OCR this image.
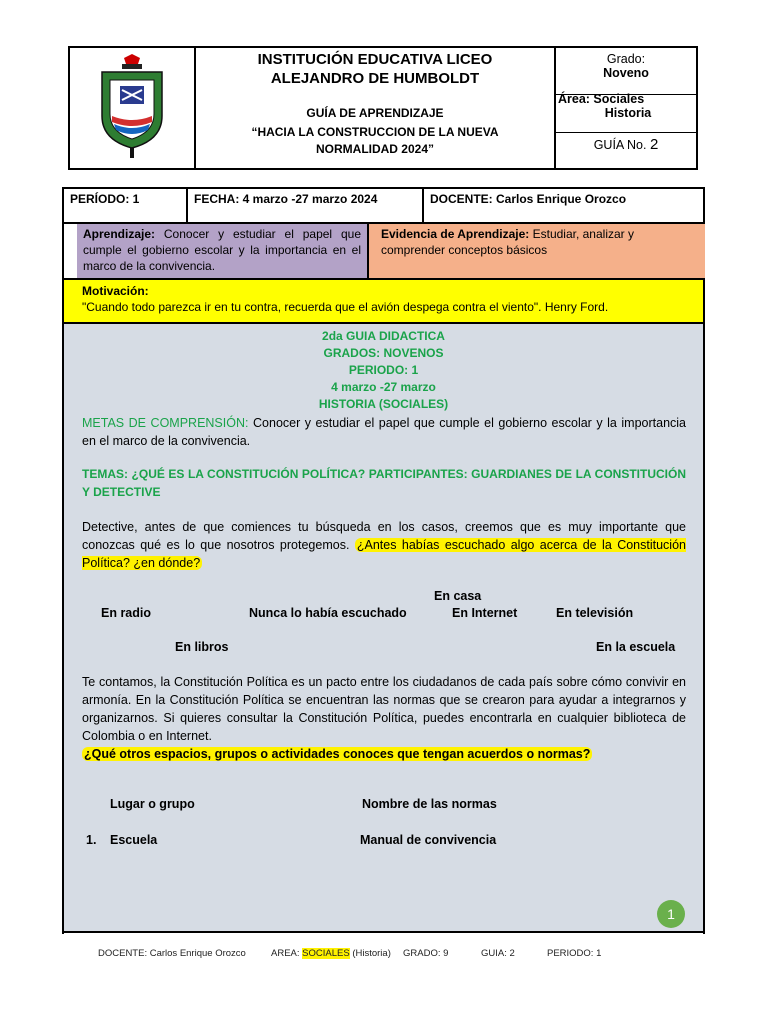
INSTITUCIÓN EDUCATIVA LICEO ALEJANDRO DE HUMBOLDT
GUÍA DE APRENDIZAJE
“HACIA LA CONSTRUCCION DE LA NUEVA NORMALIDAD 2024”
Grado:
Noveno
Área: Sociales
Historia
GUÍA No. 2
PERÍODO: 1	FECHA: 4 marzo -27 marzo 2024	DOCENTE: Carlos Enrique Orozco
Aprendizaje: Conocer y estudiar el papel que cumple el gobierno escolar y la importancia en el marco de la convivencia.
Evidencia de Aprendizaje: Estudiar, analizar y comprender conceptos básicos
Motivación:
"Cuando todo parezca ir en tu contra, recuerda que el avión despega contra el viento". Henry Ford.
2da GUIA DIDACTICA
GRADOS: NOVENOS
PERIODO: 1
4 marzo -27 marzo
HISTORIA (SOCIALES)
METAS DE COMPRENSIÓN: Conocer y estudiar el papel que cumple el gobierno escolar y la importancia en el marco de la convivencia.
TEMAS: ¿QUÉ ES LA CONSTITUCIÓN POLÍTICA? PARTICIPANTES: GUARDIANES DE LA CONSTITUCIÓN Y DETECTIVE
Detective, antes de que comiences tu búsqueda en los casos, creemos que es muy importante que conozcas qué es lo que nosotros protegemos. ¿Antes habías escuchado algo acerca de la Constitución Política? ¿en dónde?
En radio	Nunca lo había escuchado
En casa
En Internet	En televisión
En libros	En la escuela
Te contamos, la Constitución Política es un pacto entre los ciudadanos de cada país sobre cómo convivir en armonía. En la Constitución Política se encuentran las normas que se crearon para ayudar a integrarnos y organizarnos. Si quieres consultar la Constitución Política, puedes encontrarla en cualquier biblioteca de Colombia o en Internet.
¿Qué otros espacios, grupos o actividades conoces que tengan acuerdos o normas?
Lugar o grupo	Nombre de las normas
1. Escuela	Manual de convivencia
1
DOCENTE: Carlos Enrique Orozco	AREA: SOCIALES (Historia) GRADO: 9	GUIA: 2	PERIODO: 1
